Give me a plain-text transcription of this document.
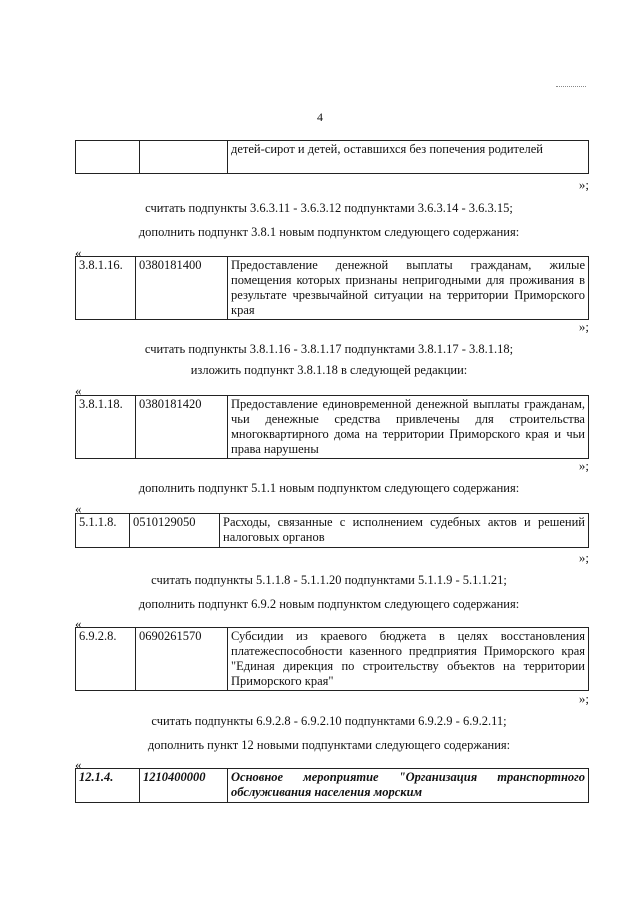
4
		детей-сирот и детей, оставшихся без попечения родителей
»;
считать подпункты 3.6.3.11 - 3.6.3.12 подпунктами 3.6.3.14 - 3.6.3.15;
дополнить подпункт 3.8.1 новым подпунктом следующего содержания:
«
3.8.1.16.	0380181400	Предоставление денежной выплаты гражданам, жилые помещения которых признаны непригодными для проживания в результате чрезвычайной ситуации на территории Приморского края
»;
считать подпункты 3.8.1.16 - 3.8.1.17 подпунктами 3.8.1.17 - 3.8.1.18;
изложить подпункт 3.8.1.18 в следующей редакции:
«
3.8.1.18.	0380181420	Предоставление единовременной денежной выплаты гражданам, чьи денежные средства привлечены для строительства многоквартирного дома на территории Приморского края и чьи права нарушены
»;
дополнить подпункт 5.1.1 новым подпунктом следующего содержания:
«
5.1.1.8.	0510129050	Расходы, связанные с исполнением судебных актов и решений налоговых органов
»;
считать подпункты 5.1.1.8 - 5.1.1.20 подпунктами 5.1.1.9 - 5.1.1.21;
дополнить подпункт 6.9.2 новым подпунктом следующего содержания:
«
6.9.2.8.	0690261570	Субсидии из краевого бюджета в целях восстановления платежеспособности казенного предприятия Приморского края "Единая дирекция по строительству объектов на территории Приморского края"
»;
считать подпункты 6.9.2.8 - 6.9.2.10 подпунктами 6.9.2.9 - 6.9.2.11;
дополнить пункт 12 новыми подпунктами следующего содержания:
«
12.1.4.	1210400000	Основное мероприятие "Организация транспортного обслуживания населения морским
